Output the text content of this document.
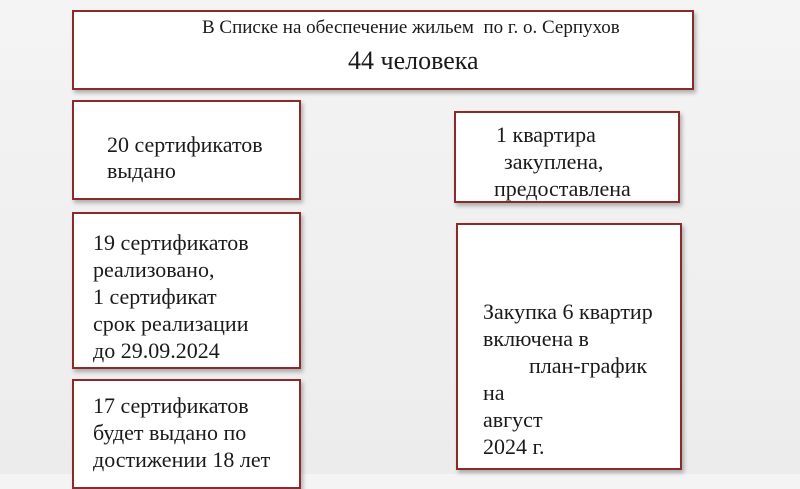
В Списке на обеспечение жильем  по г. о. Серпухов
44 человека
20 сертификатов
выдано
19 сертификатов
реализовано,
1 сертификат
срок реализации
до 29.09.2024
17 сертификатов
будет выдано по
достижении 18 лет
1 квартира
закуплена,
предоставлена
Закупка 6 квартир
включена в
план-график
на
август
2024 г.
